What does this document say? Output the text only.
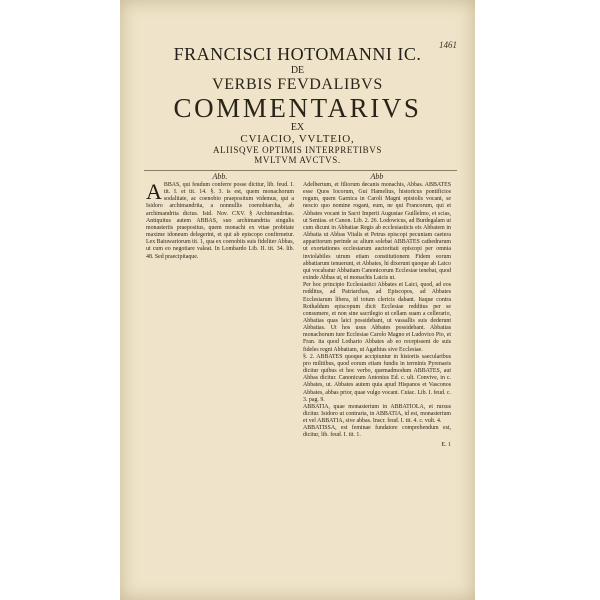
1461
FRANCISCI HOTOMANNI IC.
DE
VERBIS FEVDALIBVS
COMMENTARIVS
EX
CVIACIO, VVLTEIO,
ALIISQVE OPTIMIS INTERPRETIBVS
MVLTVM AVCTVS.
Abb.
A BBAS, qui feudum conferre posse dicitur, lib. feud. I. tit. I. et tit. 14. §. 3. is est, quem monachorum sodalitate, ac coenobio praepositum videmus, qui a Isidoro archimandrita, a nonnullis coenobiarcha, ab archimandrita dictus. Isid. Nov. CXV. § Archimandritas. Antiquitus autem ABBAS, suo archimandrita singulis monasteriis praepositus, quem monachi ex vitae probitate maxime idoneum delegerint, et qui ab episcopo confirmetur. Lex Baiuwariorum tit. 1, qua ex coenobiis suis fideliter Abbas, ut cum eo negotiare valeat. In Lombardo Lib. II. tit. 34. lib. 48. Sed praecipitaque.

Abb

Adelbertum, et filiorum decanis monachis, Abbas. ABBATES esse Quos Iocorum, Gui Hamelius, historicus pontificios regum, quem Garnica in Caroli Magni epistolis vocant, se nescio quo nomine rogant, eum, ne qui Francorum, qui et Abbates vocant in Sacri Imperii Augustae Guillelmo, et scias, ut Sentias. et Canon. Lib. 2. 26. Lodowicus, ad Burdegalam ut cum dicunt in Abbatiae Regis ab ecclesiasticis eis Abbatem in Abbatia ut Abbas Vitalis et Petrus episcopi pecuniam caetera apparitorum perinde ac alium solebat ABBATES cathedrarum ut exortationes ecclesiarum auctoritati episcopi per omnia inviolabiles utrum etiam constitutionem Fidem eorum abbatiarum tenuerunt, et Abbates, hi dixerunt quoque ab Laico qui vocabatur Abbatiam Canonicorum Ecclesiae tenebat, quod exinde Abbas ut, et monachis Laicis ut.

Per hoc principio Ecclesiastici Abbates et Laici, quod, ad eos redditus, ad Patriarchas, ad Episcopos, ad Abbates Ecclesiarum libera, id totum clericis dabant. Itaque contra Rothaldum episcopum dicit Ecclesiae redditus per se consumere, et non sine sacrilegio ut cellam suam a cellerario, Abbatias quas laici possidebant, ut vassallis suis dederunt Abbatias. Ut hos usus Abbates possidebant. Abbatias monachorum iure Ecclesiae Carolo Magno et Ludovico Pio, et Fran. ita quod Lothario Abbates ab eo recepissent de suis fideles regni Abbatiam, ut Agathius sive Ecclesiae.

§. 2. ABBATES quoque accipiuntur in historiis saecularibus pro militibus, quod eorum etiam fundis in terminis Pyrenaeis dicitur quibus et hoc verbo, quemadmodum ABBATES, aut Abbas dicitur. Canonicum Antonius Ed. c. ult. Convive, in c. Abbates, ut. Abbates autem quia apud Hispanos et Vasconos Abbates, abbas prior, quae vulgo vocant. Cuiac. Lib. I. feud. c. 3. pag. 9.

ABBATIA, quae monasterium in ABBATIOLA, et rursus dicitur. Isidoro ut contraria, in ABBATIA, id est, monasterium et vel ABBATIA, sive abbas. Inscr. feud. I. tit. 4. c. vult. 4.

ABBATISSA, est feminae fundatore comprehendum est, dicitur, lib. feud. I. tit. 1.

E. 1
